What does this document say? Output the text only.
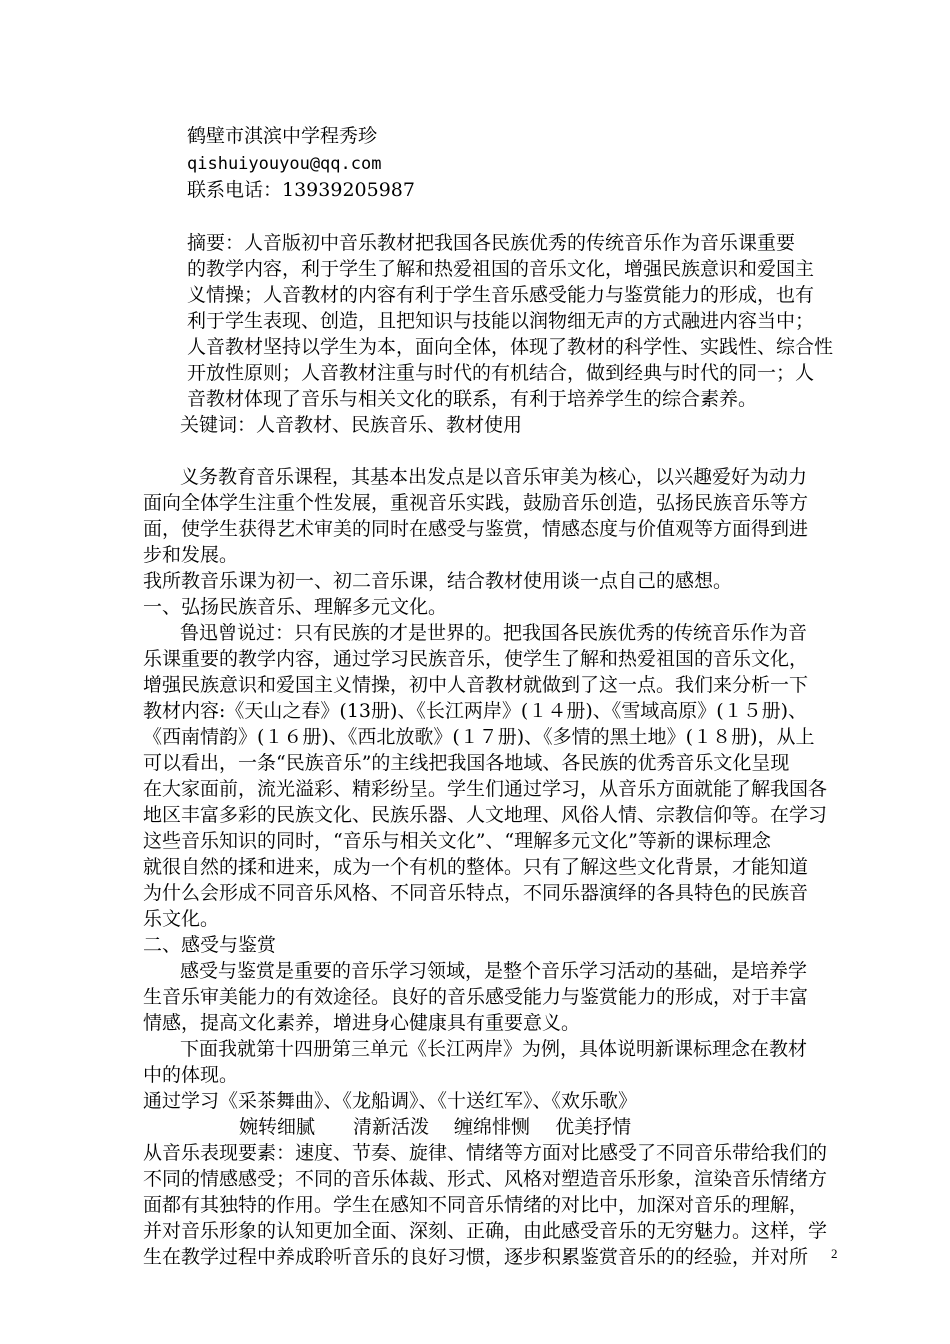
鹤壁市淇滨中学程秀珍
qishuiyouyou@qq.com
联系电话：13939205987
摘要：人音版初中音乐教材把我国各民族优秀的传统音乐作为音乐课重要
的教学内容，利于学生了解和热爱祖国的音乐文化，增强民族意识和爱国主
义情操；人音教材的内容有利于学生音乐感受能力与鉴赏能力的形成，也有
利于学生表现、创造，且把知识与技能以润物细无声的方式融进内容当中；
人音教材坚持以学生为本，面向全体，体现了教材的科学性、实践性、综合性
开放性原则；人音教材注重与时代的有机结合，做到经典与时代的同一；人
音教材体现了音乐与相关文化的联系，有利于培养学生的综合素养。
关键词：人音教材、民族音乐、教材使用
义务教育音乐课程，其基本出发点是以音乐审美为核心，以兴趣爱好为动力
面向全体学生注重个性发展，重视音乐实践，鼓励音乐创造，弘扬民族音乐等方
面，使学生获得艺术审美的同时在感受与鉴赏，情感态度与价值观等方面得到进
步和发展。
我所教音乐课为初一、初二音乐课，结合教材使用谈一点自己的感想。
一、弘扬民族音乐、理解多元文化。
鲁迅曾说过：只有民族的才是世界的。把我国各民族优秀的传统音乐作为音
乐课重要的教学内容，通过学习民族音乐，使学生了解和热爱祖国的音乐文化，
增强民族意识和爱国主义情操，初中人音教材就做到了这一点。我们来分析一下
教材内容:《天山之春》(13册)、《长江两岸》(１４册)、《雪域高原》(１５册)、
《西南情韵》(１６册)、《西北放歌》(１７册)、《多情的黑土地》(１８册)，从上
可以看出，一条“民族音乐”的主线把我国各地域、各民族的优秀音乐文化呈现
在大家面前，流光溢彩、精彩纷呈。学生们通过学习，从音乐方面就能了解我国各
地区丰富多彩的民族文化、民族乐器、人文地理、风俗人情、宗教信仰等。在学习
这些音乐知识的同时，“音乐与相关文化”、“理解多元文化”等新的课标理念
就很自然的揉和进来，成为一个有机的整体。只有了解这些文化背景，才能知道
为什么会形成不同音乐风格、不同音乐特点，不同乐器演绎的各具特色的民族音
乐文化。
二、感受与鉴赏
感受与鉴赏是重要的音乐学习领域，是整个音乐学习活动的基础，是培养学
生音乐审美能力的有效途径。良好的音乐感受能力与鉴赏能力的形成，对于丰富
情感，提高文化素养，增进身心健康具有重要意义。
下面我就第十四册第三单元《长江两岸》为例，具体说明新课标理念在教材
中的体现。
通过学习《采茶舞曲》、《龙船调》、《十送红军》、《欢乐歌》
婉转细腻　　清新活泼　 缠绵悱恻　 优美抒情
从音乐表现要素：速度、节奏、旋律、情绪等方面对比感受了不同音乐带给我们的
不同的情感感受；不同的音乐体裁、形式、风格对塑造音乐形象，渲染音乐情绪方
面都有其独特的作用。学生在感知不同音乐情绪的对比中，加深对音乐的理解，
并对音乐形象的认知更加全面、深刻、正确，由此感受音乐的无穷魅力。这样，学
生在教学过程中养成聆听音乐的良好习惯，逐步积累鉴赏音乐的的经验，并对所 2
